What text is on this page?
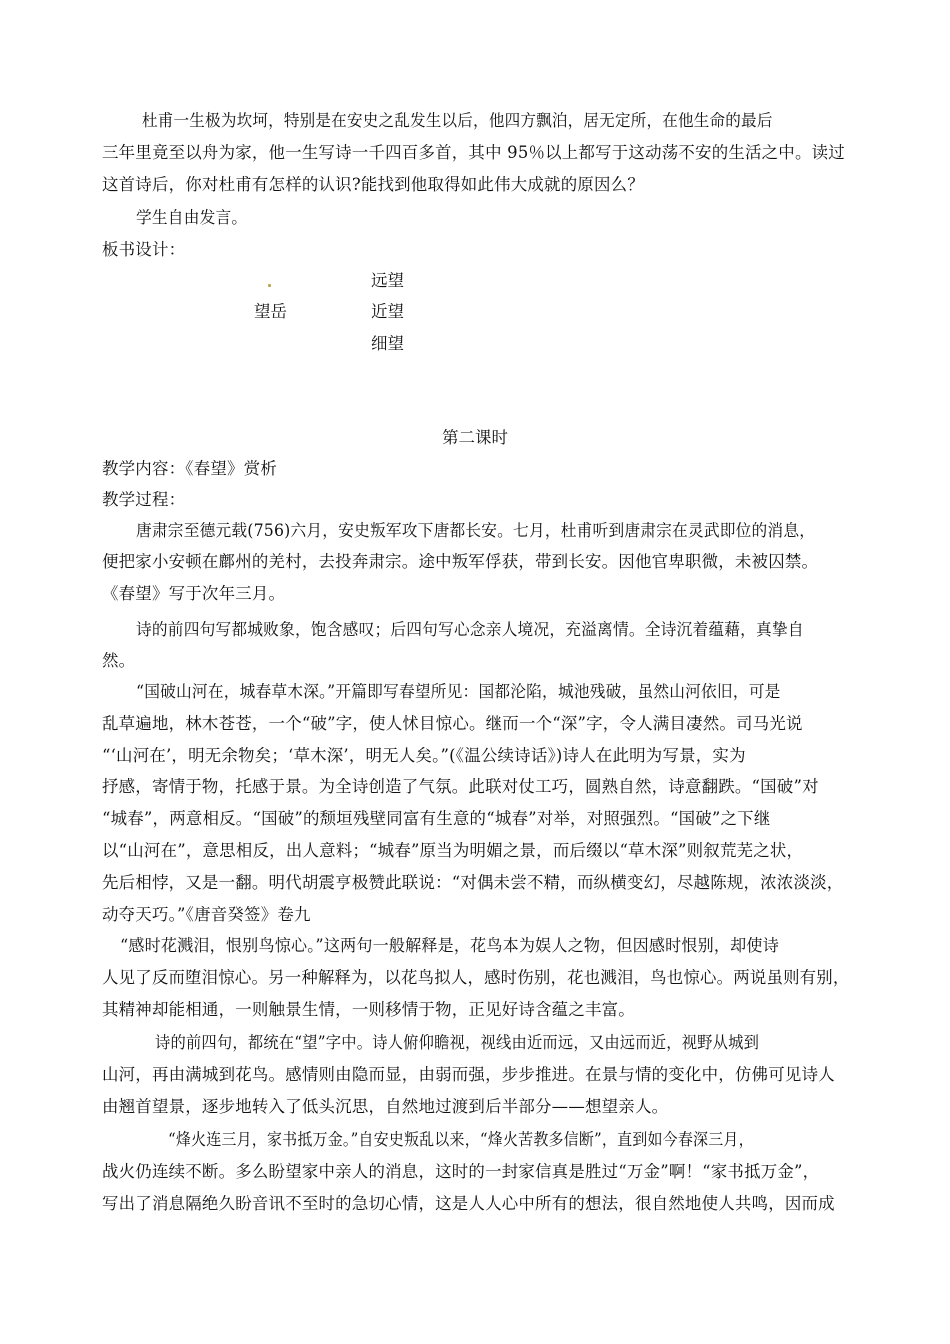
杜甫一生极为坎坷，特别是在安史之乱发生以后，他四方飘泊，居无定所，在他生命的最后
三年里竟至以舟为家，他一生写诗一千四百多首，其中 95％以上都写于这动荡不安的生活之中。读过
这首诗后，你对杜甫有怎样的认识?能找到他取得如此伟大成就的原因么？
学生自由发言。
板书设计：
远望
望岳	近望
细望
第二课时
教学内容：《春望》赏析
教学过程：
唐肃宗至德元载(756)六月，安史叛军攻下唐都长安。七月，杜甫听到唐肃宗在灵武即位的消息，
便把家小安顿在鄜州的羌村，去投奔肃宗。途中叛军俘获，带到长安。因他官卑职微，未被囚禁。
《春望》写于次年三月。
诗的前四句写都城败象，饱含感叹；后四句写心念亲人境况，充溢离情。全诗沉着蕴藉，真挚自
然。
“国破山河在，城春草木深。”开篇即写春望所见：国都沦陷，城池残破，虽然山河依旧，可是
乱草遍地，林木苍苍，一个“破”字，使人怵目惊心。继而一个“深”字，令人满目凄然。司马光说
“‘山河在’，明无余物矣；‘草木深’，明无人矣。”(《温公续诗话》)诗人在此明为写景，实为
抒感，寄情于物，托感于景。为全诗创造了气氛。此联对仗工巧，圆熟自然，诗意翻跌。“国破”对
“城春”，两意相反。“国破”的颓垣残壁同富有生意的“城春”对举，对照强烈。“国破”之下继
以“山河在”，意思相反，出人意料；“城春”原当为明媚之景，而后缀以“草木深”则叙荒芜之状，
先后相悖，又是一翻。明代胡震亨极赞此联说：“对偶未尝不精，而纵横变幻，尽越陈规，浓浓淡淡，
动夺天巧。”《唐音癸签》卷九
“感时花溅泪，恨别鸟惊心。”这两句一般解释是，花鸟本为娱人之物，但因感时恨别，却使诗
人见了反而堕泪惊心。另一种解释为，以花鸟拟人，感时伤别，花也溅泪，鸟也惊心。两说虽则有别，
其精神却能相通，一则触景生情，一则移情于物，正见好诗含蕴之丰富。
诗的前四句，都统在“望”字中。诗人俯仰瞻视，视线由近而远，又由远而近，视野从城到
山河，再由满城到花鸟。感情则由隐而显，由弱而强，步步推进。在景与情的变化中，仿佛可见诗人
由翘首望景，逐步地转入了低头沉思，自然地过渡到后半部分——想望亲人。
“烽火连三月，家书抵万金。”自安史叛乱以来，“烽火苦教多信断”，直到如今春深三月，
战火仍连续不断。多么盼望家中亲人的消息，这时的一封家信真是胜过“万金”啊！“家书抵万金”，
写出了消息隔绝久盼音讯不至时的急切心情，这是人人心中所有的想法，很自然地使人共鸣，因而成
